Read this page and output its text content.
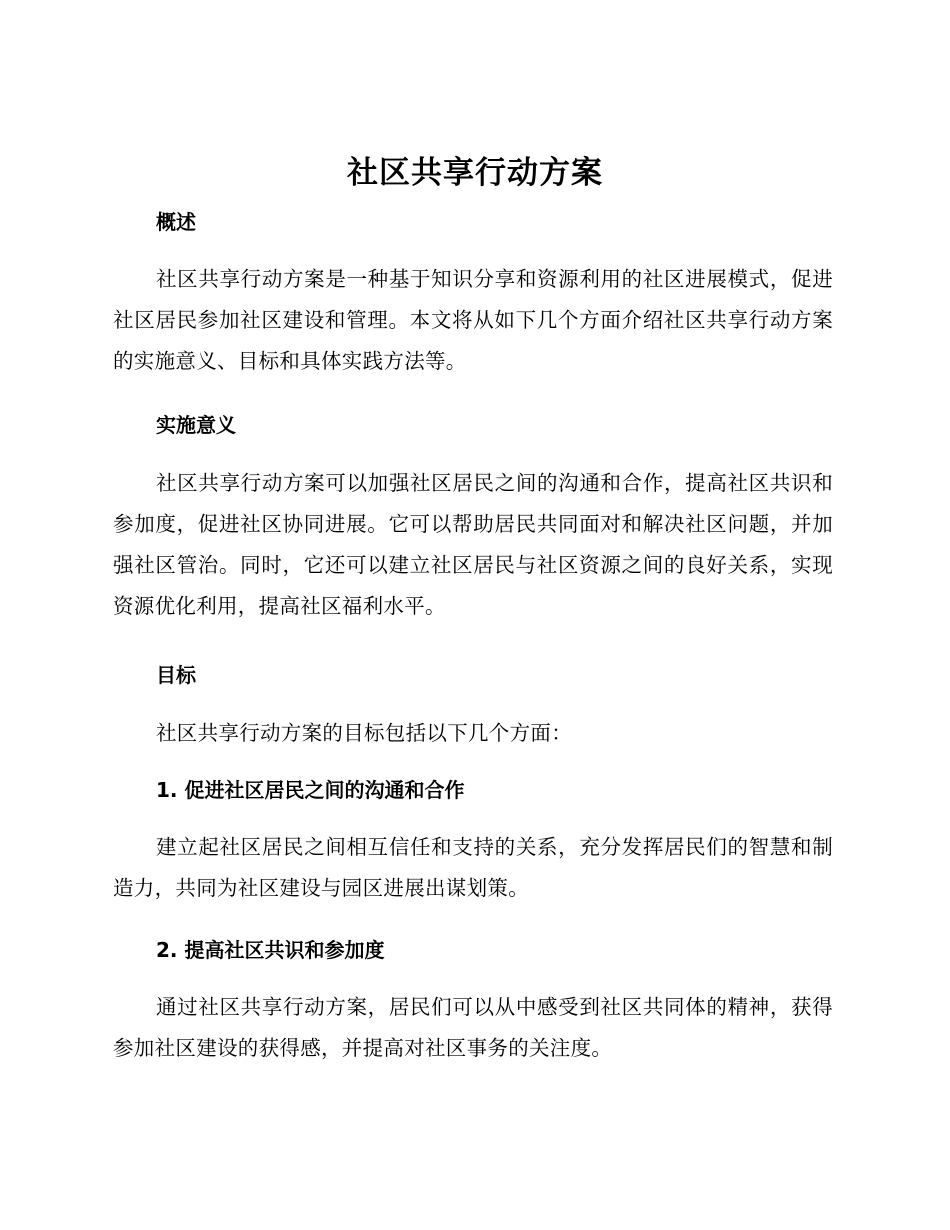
社区共享行动方案
概述
社区共享行动方案是一种基于知识分享和资源利用的社区进展模式，促进社区居民参加社区建设和管理。本文将从如下几个方面介绍社区共享行动方案的实施意义、目标和具体实践方法等。
实施意义
社区共享行动方案可以加强社区居民之间的沟通和合作，提高社区共识和参加度，促进社区协同进展。它可以帮助居民共同面对和解决社区问题，并加强社区管治。同时，它还可以建立社区居民与社区资源之间的良好关系，实现资源优化利用，提高社区福利水平。
目标
社区共享行动方案的目标包括以下几个方面：
1. 促进社区居民之间的沟通和合作
建立起社区居民之间相互信任和支持的关系，充分发挥居民们的智慧和制造力，共同为社区建设与园区进展出谋划策。
2. 提高社区共识和参加度
通过社区共享行动方案，居民们可以从中感受到社区共同体的精神，获得参加社区建设的获得感，并提高对社区事务的关注度。
